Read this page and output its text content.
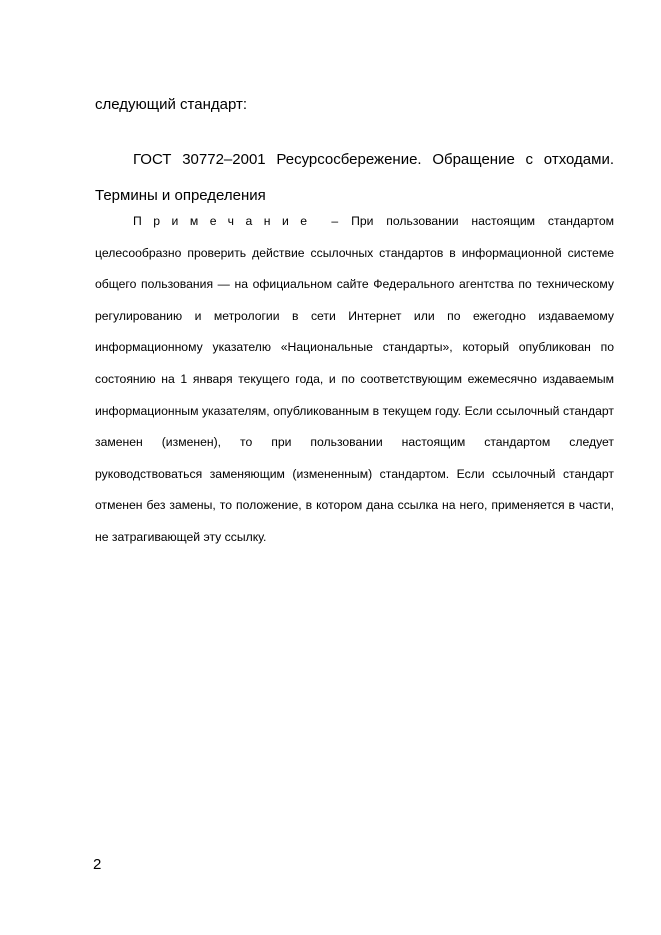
следующий стандарт:

ГОСТ 30772–2001 Ресурсосбережение. Обращение с отходами. Термины и определения

Примечание – При пользовании настоящим стандартом целесообразно проверить действие ссылочных стандартов в информационной системе общего пользования — на официальном сайте Федерального агентства по техническому регулированию и метрологии в сети Интернет или по ежегодно издаваемому информационному указателю «Национальные стандарты», который опубликован по состоянию на 1 января текущего года, и по соответствующим ежемесячно издаваемым информационным указателям, опубликованным в текущем году. Если ссылочный стандарт заменен (изменен), то при пользовании настоящим стандартом следует руководствоваться заменяющим (измененным) стандартом. Если ссылочный стандарт отменен без замены, то положение, в котором дана ссылка на него, применяется в части, не затрагивающей эту ссылку.

2
